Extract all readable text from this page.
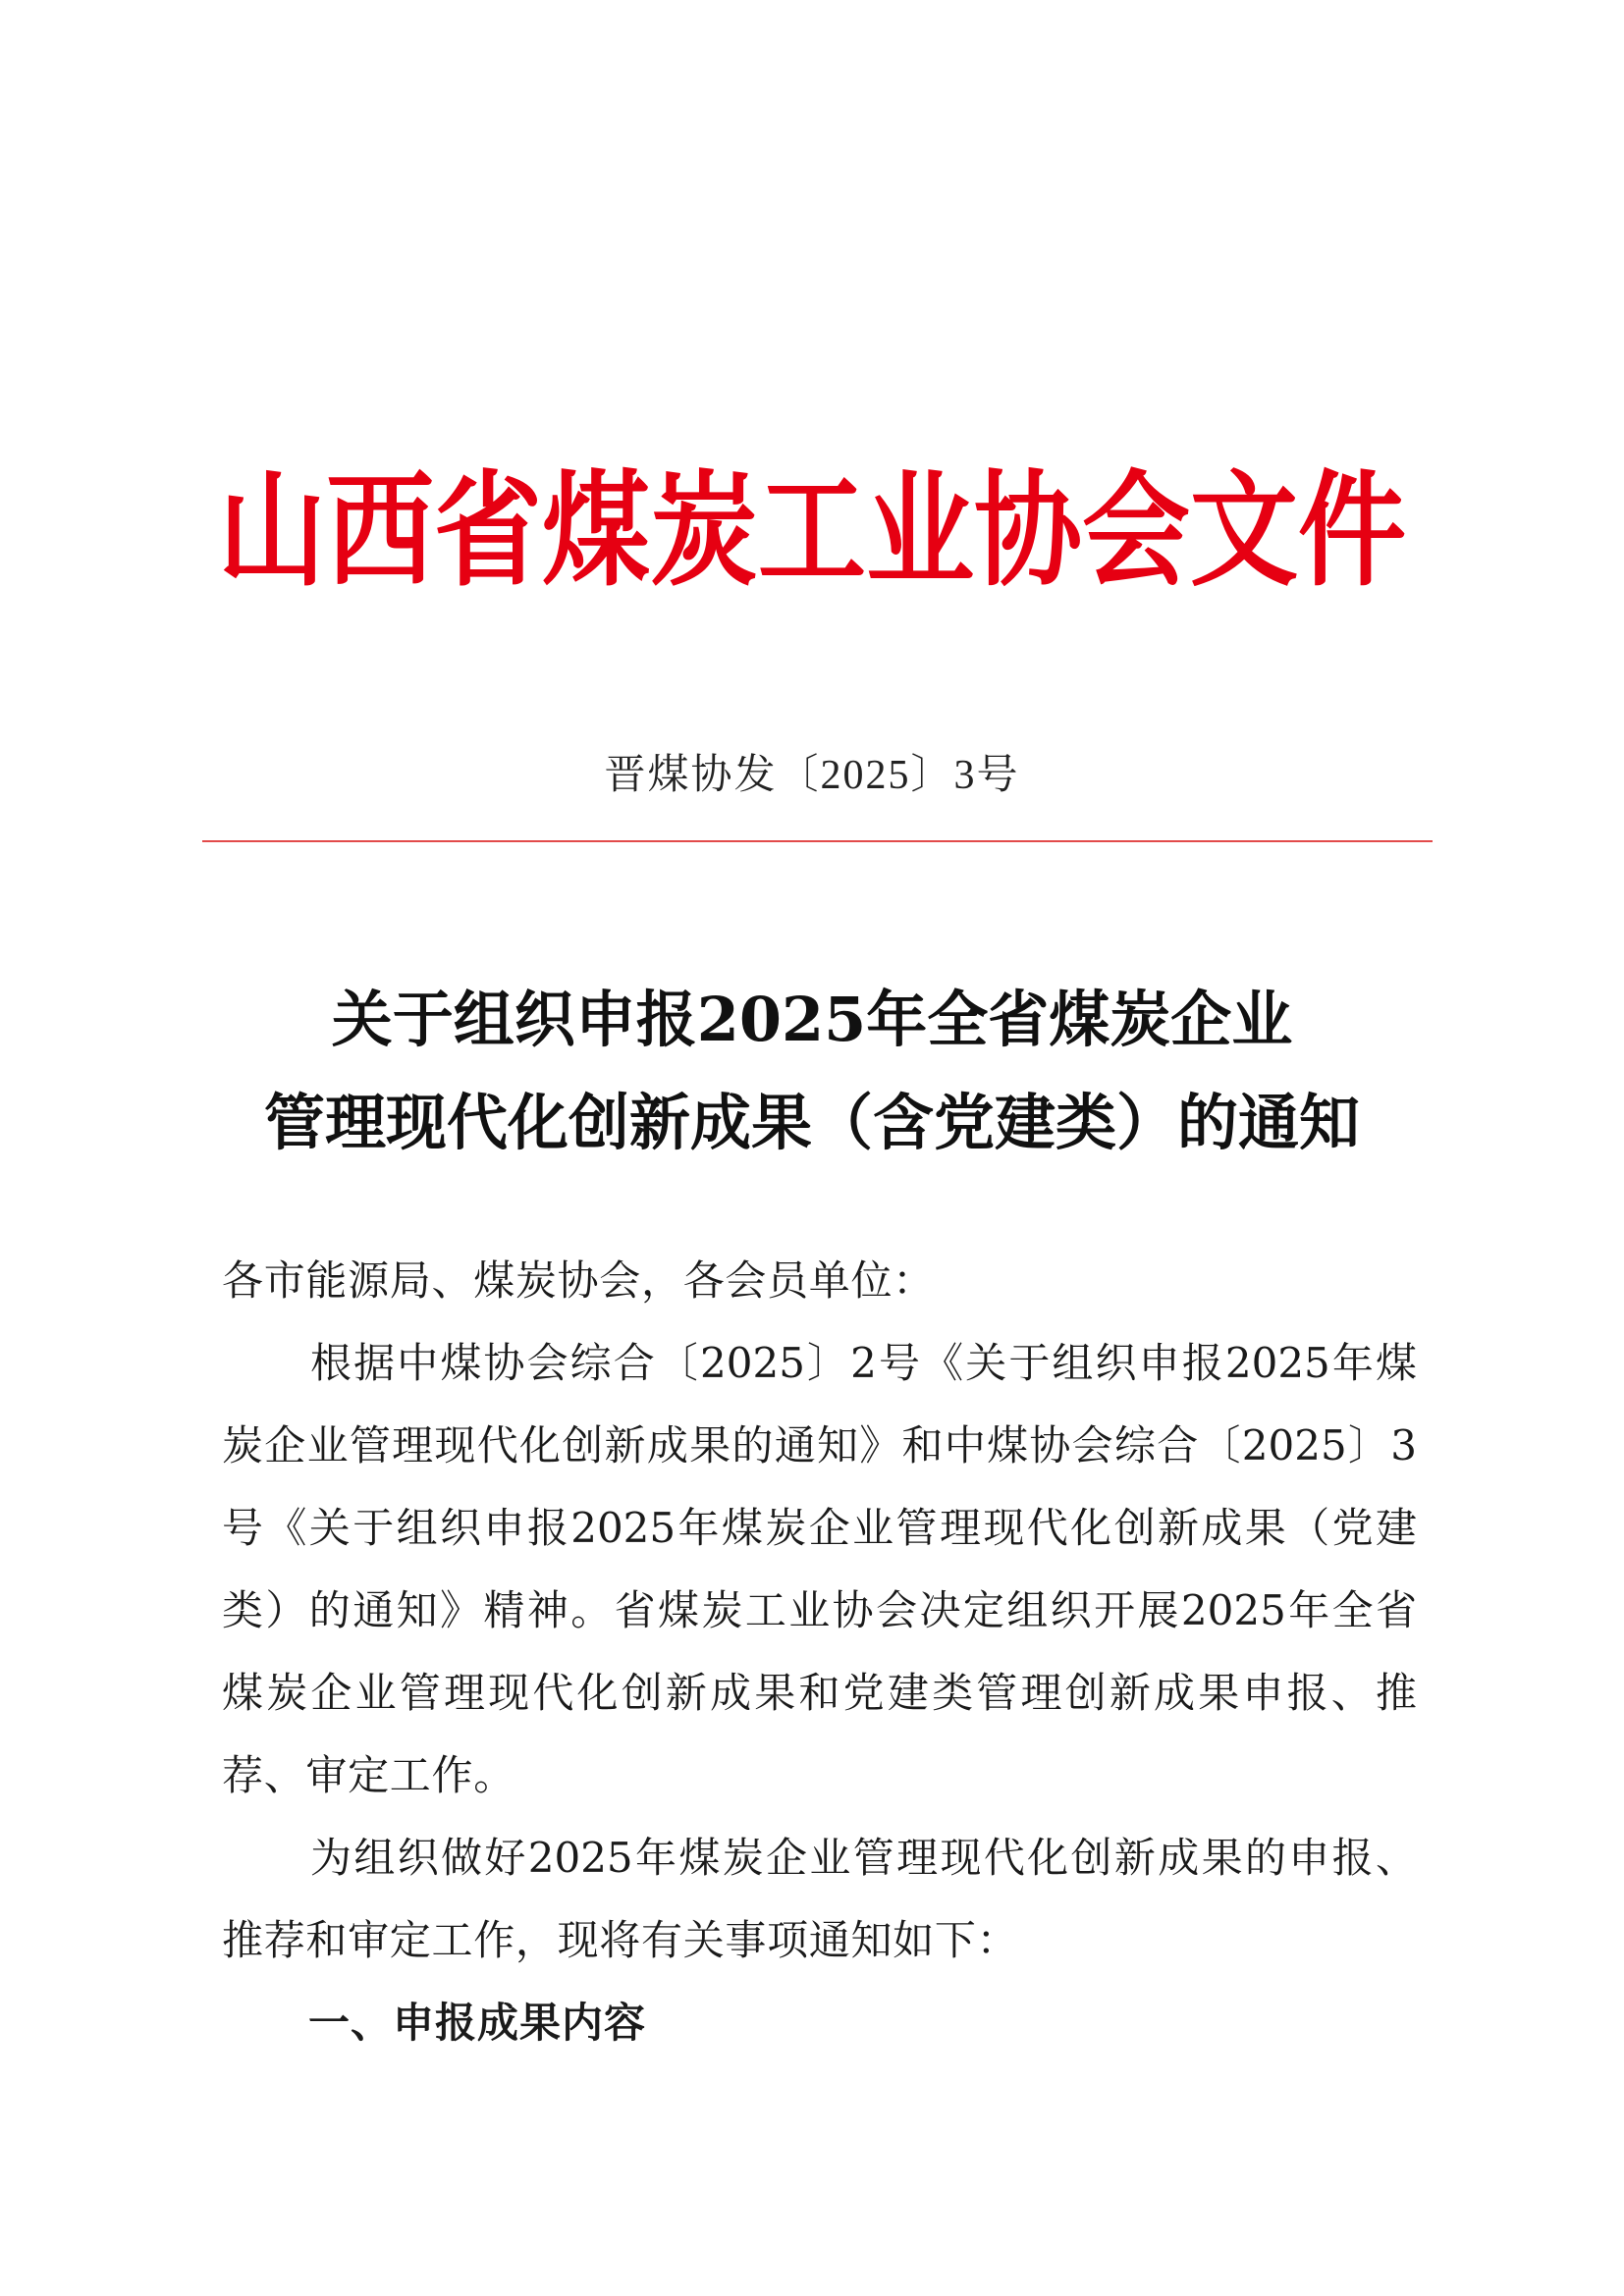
山西省煤炭工业协会文件
晋煤协发〔2025〕3号
关于组织申报2025年全省煤炭企业
管理现代化创新成果（含党建类）的通知
各市能源局、煤炭协会，各会员单位：
根据中煤协会综合〔2025〕2号《关于组织申报2025年煤
炭企业管理现代化创新成果的通知》和中煤协会综合〔2025〕3
号《关于组织申报2025年煤炭企业管理现代化创新成果（党建
类）的通知》精神。省煤炭工业协会决定组织开展2025年全省
煤炭企业管理现代化创新成果和党建类管理创新成果申报、推
荐、审定工作。
为组织做好2025年煤炭企业管理现代化创新成果的申报、
推荐和审定工作，现将有关事项通知如下：
一、申报成果内容
